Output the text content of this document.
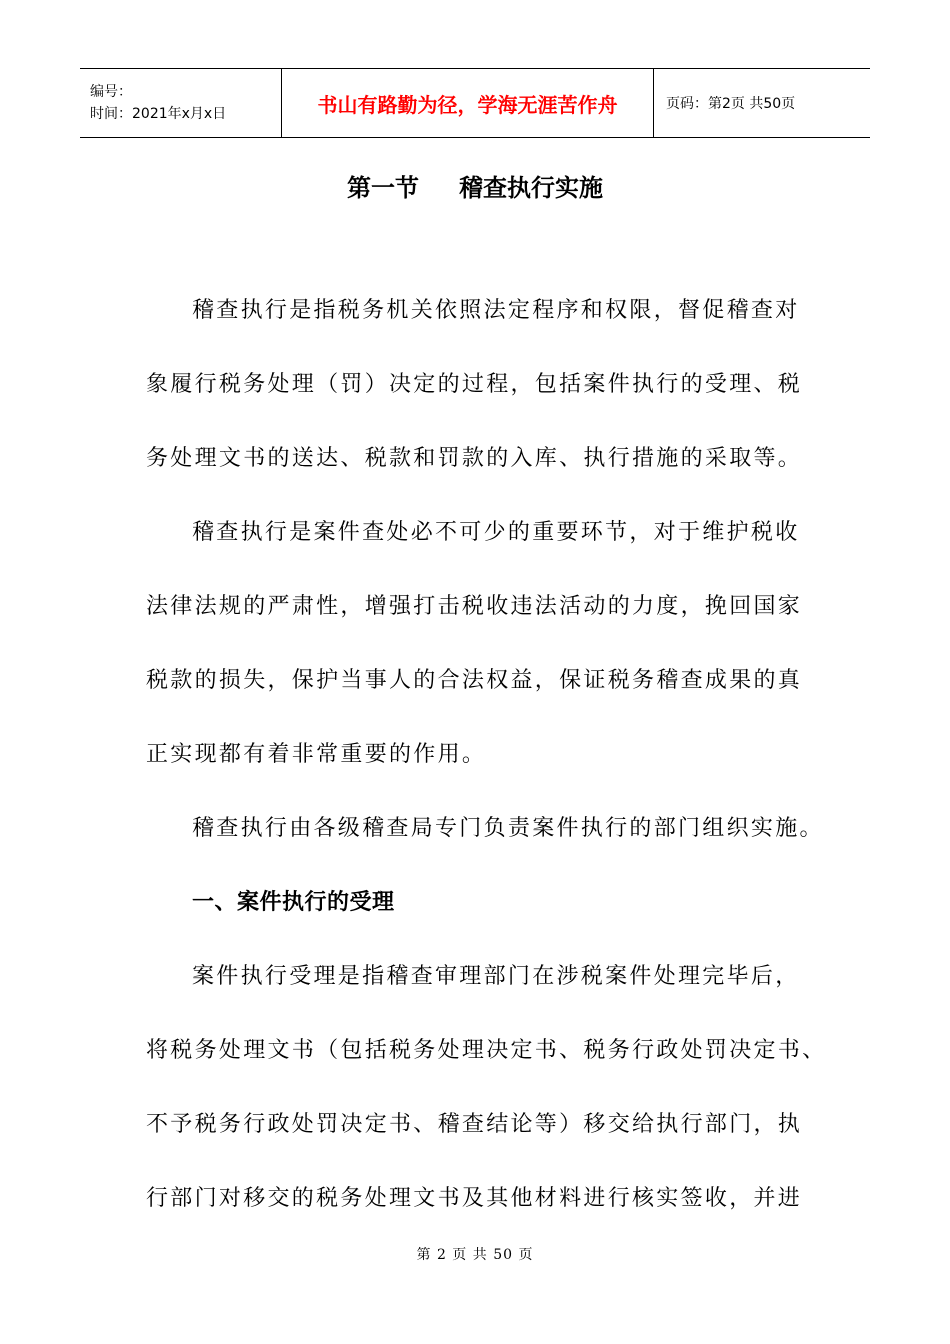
编号：
时间：2021年x月x日	书山有路勤为径，学海无涯苦作舟	页码：第2页 共50页
第一节 稽查执行实施
稽查执行是指税务机关依照法定程序和权限，督促稽查对
象履行税务处理（罚）决定的过程，包括案件执行的受理、税
务处理文书的送达、税款和罚款的入库、执行措施的采取等。
稽查执行是案件查处必不可少的重要环节，对于维护税收
法律法规的严肃性，增强打击税收违法活动的力度，挽回国家
税款的损失，保护当事人的合法权益，保证税务稽查成果的真
正实现都有着非常重要的作用。
稽查执行由各级稽查局专门负责案件执行的部门组织实施。
一、案件执行的受理
案件执行受理是指稽查审理部门在涉税案件处理完毕后，
将税务处理文书（包括税务处理决定书、税务行政处罚决定书、
不予税务行政处罚决定书、稽查结论等）移交给执行部门，执
行部门对移交的税务处理文书及其他材料进行核实签收，并进
第 2 页 共 50 页
